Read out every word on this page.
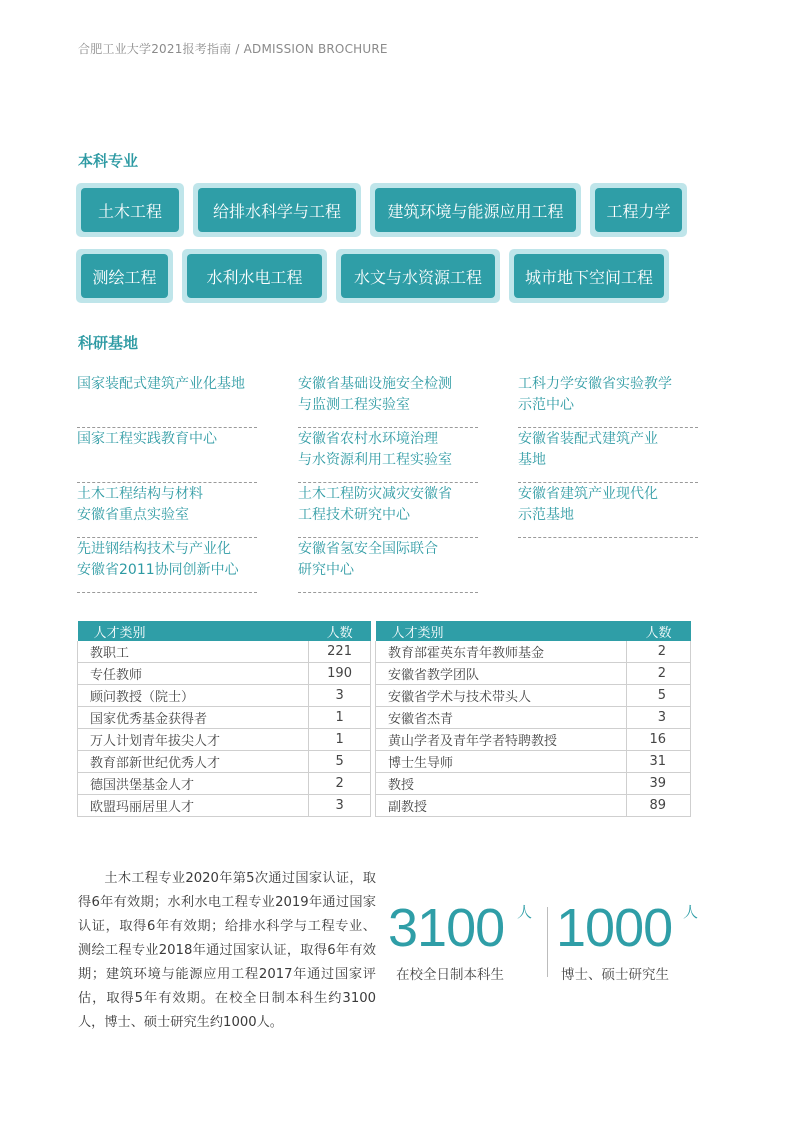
合肥工业大学2021报考指南 / ADMISSION BROCHURE
本科专业
土木工程	给排水科学与工程	建筑环境与能源应用工程	工程力学
测绘工程	水利水电工程	水文与水资源工程	城市地下空间工程
科研基地
国家装配式建筑产业化基地
国家工程实践教育中心
土木工程结构与材料
安徽省重点实验室
先进钢结构技术与产业化
安徽省2011协同创新中心
安徽省基础设施安全检测
与监测工程实验室
安徽省农村水环境治理
与水资源利用工程实验室
土木工程防灾减灾安徽省
工程技术研究中心
安徽省氢安全国际联合
研究中心
工科力学安徽省实验教学
示范中心
安徽省装配式建筑产业
基地
安徽省建筑产业现代化
示范基地
人才类别	人数
教职工	221
专任教师	190
顾问教授（院士）	3
国家优秀基金获得者	1
万人计划青年拔尖人才	1
教育部新世纪优秀人才	5
德国洪堡基金人才	2
欧盟玛丽居里人才	3
人才类别	人数
教育部霍英东青年教师基金	2
安徽省教学团队	2
安徽省学术与技术带头人	5
安徽省杰青	3
黄山学者及青年学者特聘教授	16
博士生导师	31
教授	39
副教授	89
土木工程专业2020年第5次通过国家认证，取得6年有效期；水利水电工程专业2019年通过国家认证，取得6年有效期；给排水科学与工程专业、测绘工程专业2018年通过国家认证，取得6年有效期；建筑环境与能源应用工程2017年通过国家评估，取得5年有效期。在校全日制本科生约3100人，博士、硕士研究生约1000人。
3100 人
在校全日制本科生
1000 人
博士、硕士研究生
